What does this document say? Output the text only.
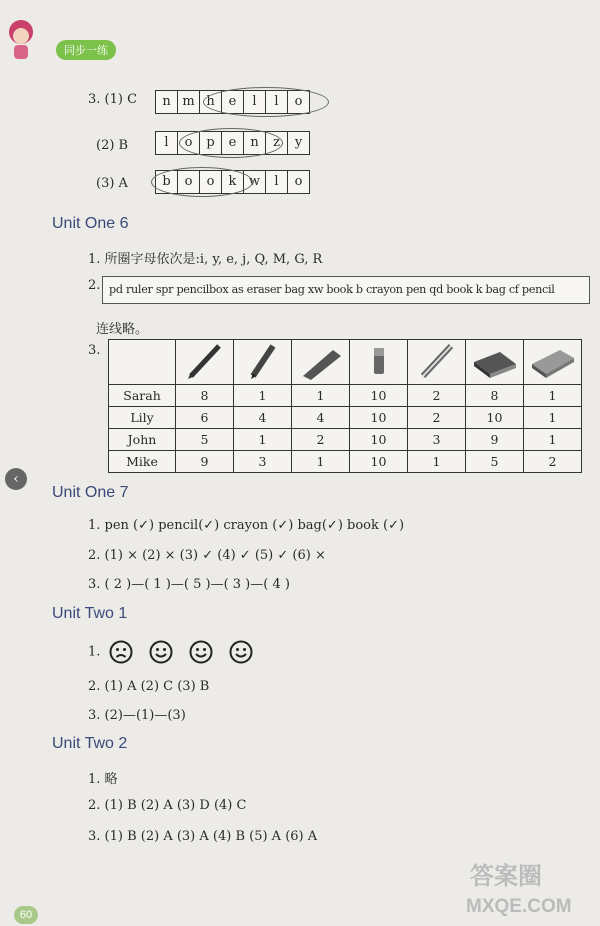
同步一练
3. (1) C	n m h	e	l	l	o
(2) B	l	o	p	e	n	z	y
(3) A	b	o	o	k w	l	o
Unit One 6
1. 所圈字母依次是:i, y, e, j, Q, M, G, R
2. pd ruler spr pencilbox as eraser bag xw book b crayon pen qd book k bag cf pencil
连线略。
3.

Sarah	8	1	1	10	2	8	1
Lily	6	4	4	10	2	10	1
John	5	1	2	10	3	9	1
Mike	9	3	1	10	1	5	2
‹
Unit One 7
1. pen (✓) pencil(✓) crayon (✓) bag(✓) book (✓)
2. (1) × (2) × (3) ✓ (4) ✓ (5) ✓ (6) ×
3. ( 2 )—( 1 )—( 5 )—( 3 )—( 4 )
Unit Two 1
1.
2. (1) A (2) C (3) B
3. (2)—(1)—(3)
Unit Two 2
1. 略
2. (1) B (2) A (3) D (4) C
3. (1) B (2) A (3) A (4) B (5) A (6) A
答案圈
MXQE.COM
60
